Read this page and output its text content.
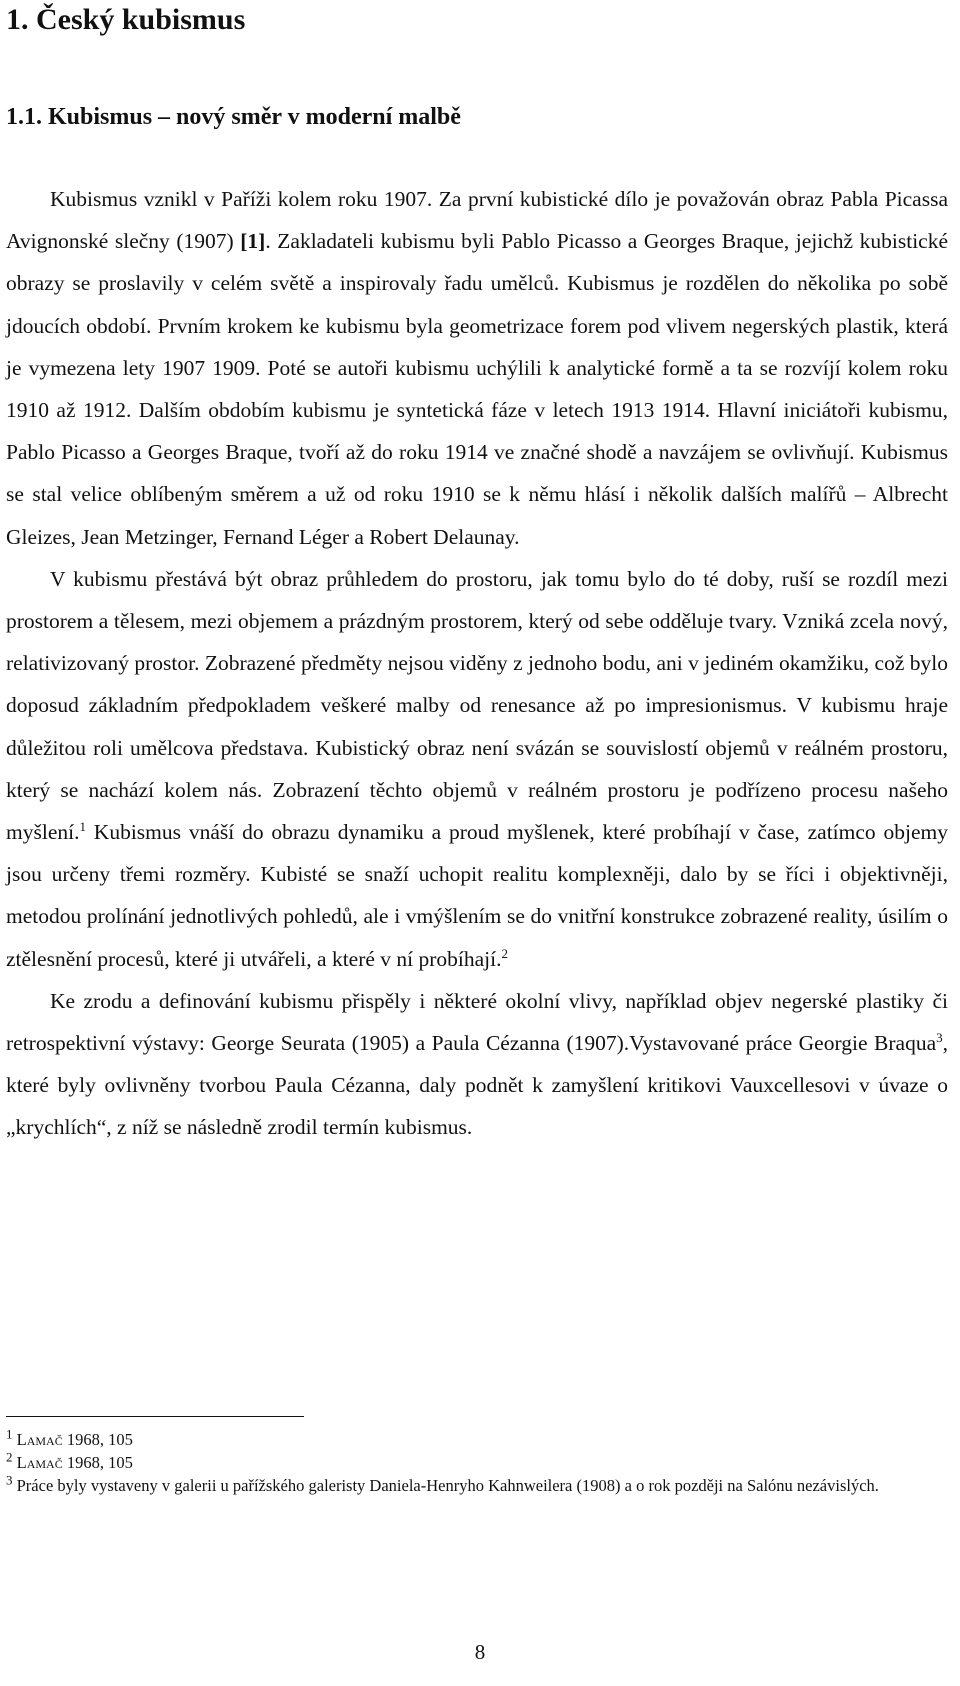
1. Český kubismus
1.1. Kubismus – nový směr v moderní malbě

Kubismus vznikl v Paříži kolem roku 1907. Za první kubistické dílo je považován obraz Pabla Picassa Avignonské slečny (1907) [1]. Zakladateli kubismu byli Pablo Picasso a Georges Braque, jejichž kubistické obrazy se proslavily v celém světě a inspirovaly řadu umělců. Kubismus je rozdělen do několika po sobě jdoucích období. Prvním krokem ke kubismu byla geometrizace forem pod vlivem negerských plastik, která je vymezena lety 1907 1909. Poté se autoři kubismu uchýlili k analytické formě a ta se rozvíjí kolem roku 1910 až 1912. Dalším obdobím kubismu je syntetická fáze v letech 1913 1914. Hlavní iniciátoři kubismu, Pablo Picasso a Georges Braque, tvoří až do roku 1914 ve značné shodě a navzájem se ovlivňují. Kubismus se stal velice oblíbeným směrem a už od roku 1910 se k němu hlásí i několik dalších malířů – Albrecht Gleizes, Jean Metzinger, Fernand Léger a Robert Delaunay.

V kubismu přestává být obraz průhledem do prostoru, jak tomu bylo do té doby, ruší se rozdíl mezi prostorem a tělesem, mezi objemem a prázdným prostorem, který od sebe odděluje tvary. Vzniká zcela nový, relativizovaný prostor. Zobrazené předměty nejsou viděny z jednoho bodu, ani v jediném okamžiku, což bylo doposud základním předpokladem veškeré malby od renesance až po impresionismus. V kubismu hraje důležitou roli umělcova představa. Kubistický obraz není svázán se souvislostí objemů v reálném prostoru, který se nachází kolem nás. Zobrazení těchto objemů v reálném prostoru je podřízeno procesu našeho myšlení.$^1$ Kubismus vnáší do obrazu dynamiku a proud myšlenek, které probíhají v čase, zatímco objemy jsou určeny třemi rozměry. Kubisté se snaží uchopit realitu komplexněji, dalo by se říci i objektivněji, metodou prolínání jednotlivých pohledů, ale i vmýšlením se do vnitřní konstrukce zobrazené reality, úsilím o ztělesnění procesů, které ji utvářeli, a které v ní probíhají.$^2$

Ke zrodu a definování kubismu přispěly i některé okolní vlivy, například objev negerské plastiky či retrospektivní výstavy: George Seurata (1905) a Paula Cézanna (1907).Vystavované práce Georgie Braqua$^3$, které byly ovlivněny tvorbou Paula Cézanna, daly podnět k zamyšlení kritikovi Vauxcellesovi v úvaze o „krychlích“, z níž se následně zrodil termín kubismus.

$^1$ Lamač 1968, 105
$^2$ Lamač 1968, 105
$^3$ Práce byly vystaveny v galerii u pařížského galeristy Daniela-Henryho Kahnweilera (1908) a o rok později na Salónu nezávislých.
8
